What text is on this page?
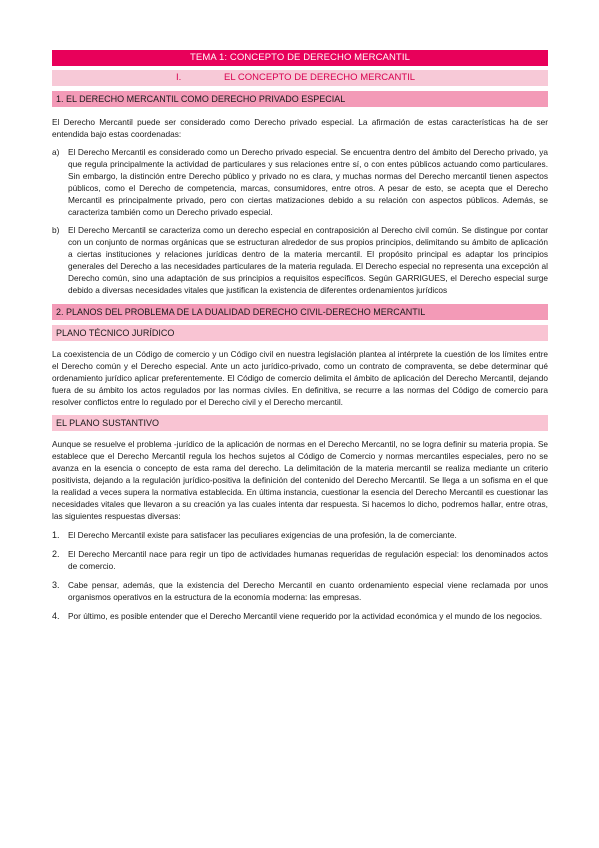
TEMA 1: CONCEPTO DE DERECHO MERCANTIL
I.	EL CONCEPTO DE DERECHO MERCANTIL
1. EL DERECHO MERCANTIL COMO DERECHO PRIVADO ESPECIAL

El Derecho Mercantil puede ser considerado como Derecho privado especial. La afirmación de estas características ha de ser entendida bajo estas coordenadas:

a)	El Derecho Mercantil es considerado como un Derecho privado especial. Se encuentra dentro del ámbito del Derecho privado, ya que regula principalmente la actividad de particulares y sus relaciones entre sí, o con entes públicos actuando como particulares. Sin embargo, la distinción entre Derecho público y privado no es clara, y muchas normas del Derecho mercantil tienen aspectos públicos, como el Derecho de competencia, marcas, consumidores, entre otros. A pesar de esto, se acepta que el Derecho Mercantil es principalmente privado, pero con ciertas matizaciones debido a su relación con aspectos públicos. Además, se caracteriza también como un Derecho privado especial.

b)	El Derecho Mercantil se caracteriza como un derecho especial en contraposición al Derecho civil común. Se distingue por contar con un conjunto de normas orgánicas que se estructuran alrededor de sus propios principios, delimitando su ámbito de aplicación a ciertas instituciones y relaciones jurídicas dentro de la materia mercantil. El propósito principal es adaptar los principios generales del Derecho a las necesidades particulares de la materia regulada. El Derecho especial no representa una excepción al Derecho común, sino una adaptación de sus principios a requisitos específicos. Según GARRIGUES, el Derecho especial surge debido a diversas necesidades vitales que justifican la existencia de diferentes ordenamientos jurídicos

2. PLANOS DEL PROBLEMA DE LA DUALIDAD DERECHO CIVIL-DERECHO MERCANTIL
PLANO TÉCNICO JURÍDICO

La coexistencia de un Código de comercio y un Código civil en nuestra legislación plantea al intérprete la cuestión de los límites entre el Derecho común y el Derecho especial. Ante un acto jurídico-privado, como un contrato de compraventa, se debe determinar qué ordenamiento jurídico aplicar preferentemente. El Código de comercio delimita el ámbito de aplicación del Derecho Mercantil, dejando fuera de su ámbito los actos regulados por las normas civiles. En definitiva, se recurre a las normas del Código de comercio para resolver conflictos entre lo regulado por el Derecho civil y el Derecho mercantil.

EL PLANO SUSTANTIVO

Aunque se resuelve el problema -jurídico de la aplicación de normas en el Derecho Mercantil, no se logra definir su materia propia. Se establece que el Derecho Mercantil regula los hechos sujetos al Código de Comercio y normas mercantiles especiales, pero no se avanza en la esencia o concepto de esta rama del derecho. La delimitación de la materia mercantil se realiza mediante un criterio positivista, dejando a la regulación jurídico-positiva la definición del contenido del Derecho Mercantil. Se llega a un sofisma en el que la realidad a veces supera la normativa establecida. En última instancia, cuestionar la esencia del Derecho Mercantil es cuestionar las necesidades vitales que llevaron a su creación ya las cuales intenta dar respuesta. Si hacemos lo dicho, podremos hallar, entre otras, las siguientes respuestas diversas:

1.	El Derecho Mercantil existe para satisfacer las peculiares exigencias de una profesión, la de comerciante.

2.	El Derecho Mercantil nace para regir un tipo de actividades humanas requeridas de regulación especial: los denominados actos de comercio.

3.	Cabe pensar, además, que la existencia del Derecho Mercantil en cuanto ordenamiento especial viene reclamada por unos organismos operativos en la estructura de la economía moderna: las empresas.

4.	Por último, es posible entender que el Derecho Mercantil viene requerido por la actividad económica y el mundo de los negocios.
